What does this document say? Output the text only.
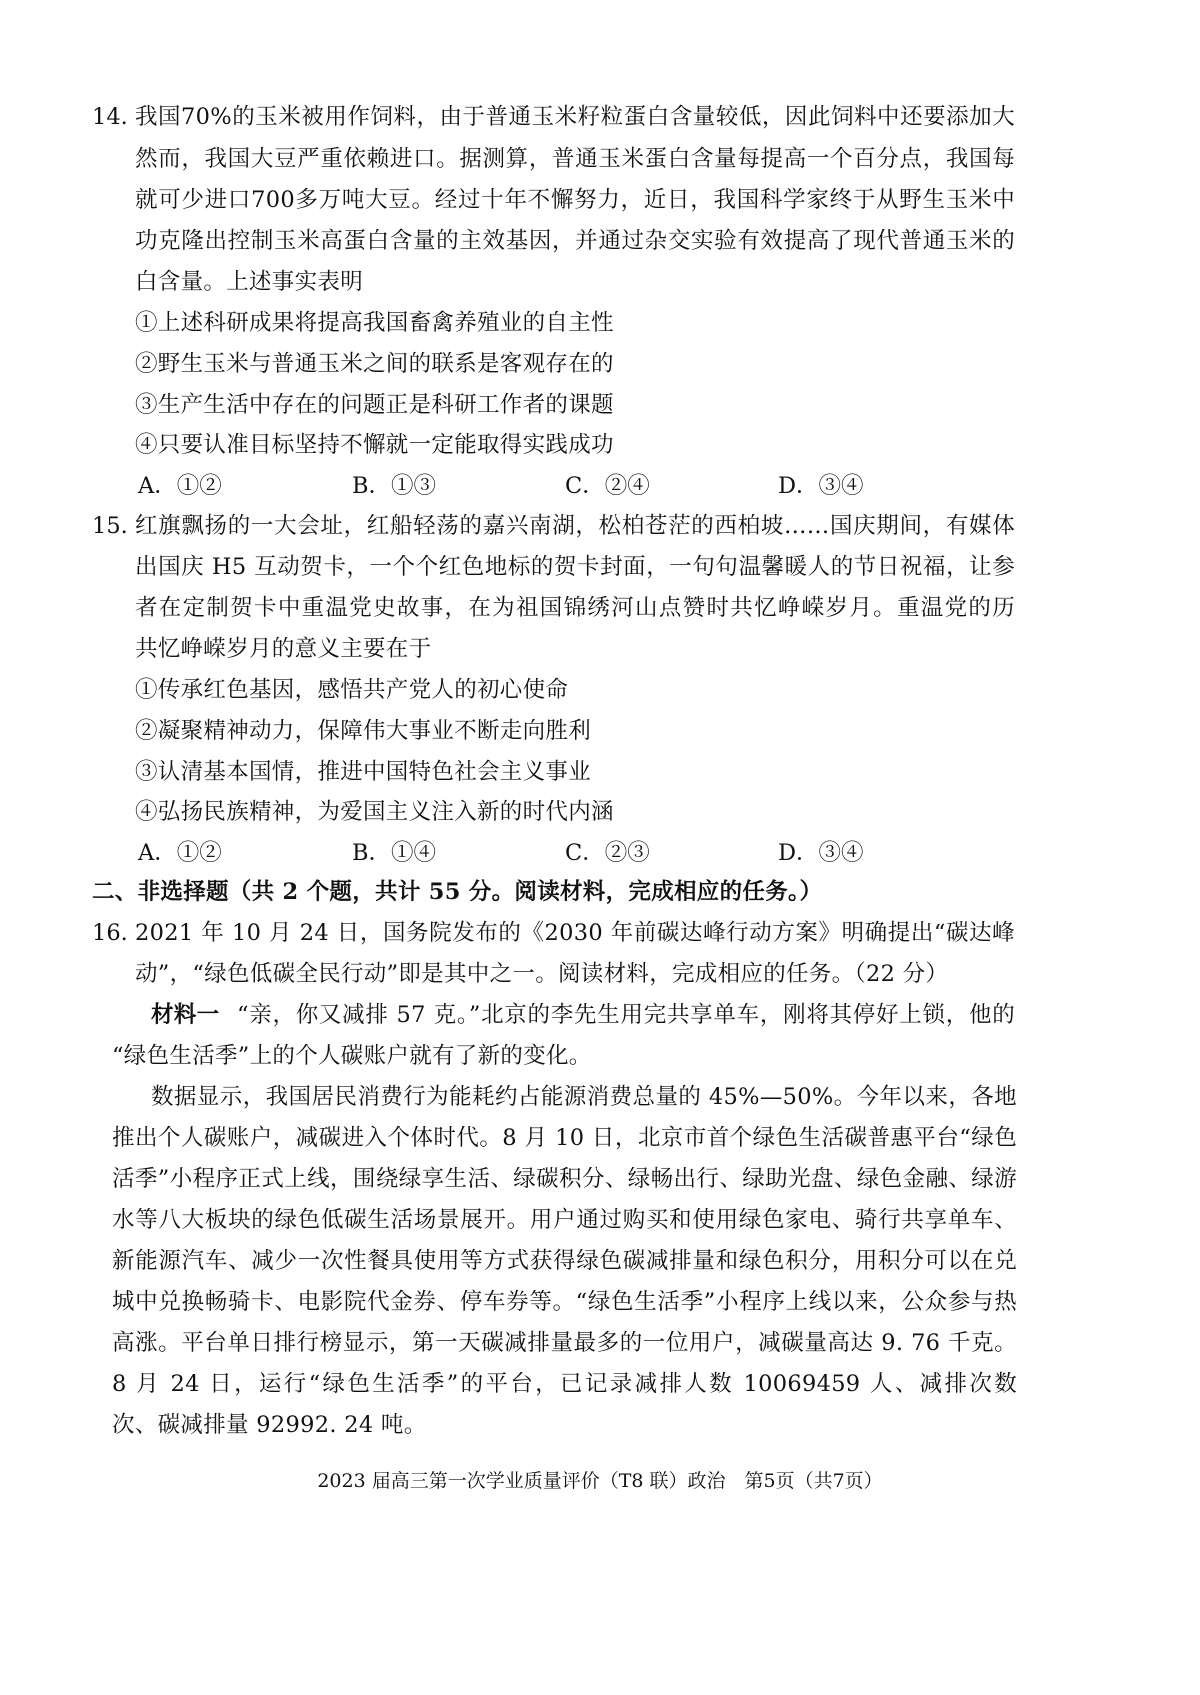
14. 我国70%的玉米被用作饲料，由于普通玉米籽粒蛋白含量较低，因此饲料中还要添加大
然而，我国大豆严重依赖进口。据测算，普通玉米蛋白含量每提高一个百分点，我国每
就可少进口700多万吨大豆。经过十年不懈努力，近日，我国科学家终于从野生玉米中
功克隆出控制玉米高蛋白含量的主效基因，并通过杂交实验有效提高了现代普通玉米的
白含量。上述事实表明
①上述科研成果将提高我国畜禽养殖业的自主性
②野生玉米与普通玉米之间的联系是客观存在的
③生产生活中存在的问题正是科研工作者的课题
④只要认准目标坚持不懈就一定能取得实践成功
A．①②	B．①③	C．②④	D．③④
15. 红旗飘扬的一大会址，红船轻荡的嘉兴南湖，松柏苍茫的西柏坡……国庆期间，有媒体
出国庆 H5 互动贺卡，一个个红色地标的贺卡封面，一句句温馨暖人的节日祝福，让参
者在定制贺卡中重温党史故事，在为祖国锦绣河山点赞时共忆峥嵘岁月。重温党的历
共忆峥嵘岁月的意义主要在于
①传承红色基因，感悟共产党人的初心使命
②凝聚精神动力，保障伟大事业不断走向胜利
③认清基本国情，推进中国特色社会主义事业
④弘扬民族精神，为爱国主义注入新的时代内涵
A．①②	B．①④	C．②③	D．③④
二、非选择题（共 2 个题，共计 55 分。阅读材料，完成相应的任务。）
16. 2021 年 10 月 24 日，国务院发布的《2030 年前碳达峰行动方案》明确提出“碳达峰
动”，“绿色低碳全民行动”即是其中之一。阅读材料，完成相应的任务。（22 分）
材料一 “亲，你又减排 57 克。”北京的李先生用完共享单车，刚将其停好上锁，他的
“绿色生活季”上的个人碳账户就有了新的变化。
数据显示，我国居民消费行为能耗约占能源消费总量的 45%—50%。今年以来，各地
推出个人碳账户，减碳进入个体时代。8 月 10 日，北京市首个绿色生活碳普惠平台“绿色
活季”小程序正式上线，围绕绿享生活、绿碳积分、绿畅出行、绿助光盘、绿色金融、绿游
水等八大板块的绿色低碳生活场景展开。用户通过购买和使用绿色家电、骑行共享单车、
新能源汽车、减少一次性餐具使用等方式获得绿色碳减排量和绿色积分，用积分可以在兑
城中兑换畅骑卡、电影院代金券、停车券等。“绿色生活季”小程序上线以来，公众参与热
高涨。平台单日排行榜显示，第一天碳减排量最多的一位用户，减碳量高达 9. 76 千克。
8 月 24 日，运行“绿色生活季”的平台，已记录减排人数 10069459 人、减排次数
次、碳减排量 92992. 24 吨。
2023 届高三第一次学业质量评价（T8 联）政治　第5页（共7页）
